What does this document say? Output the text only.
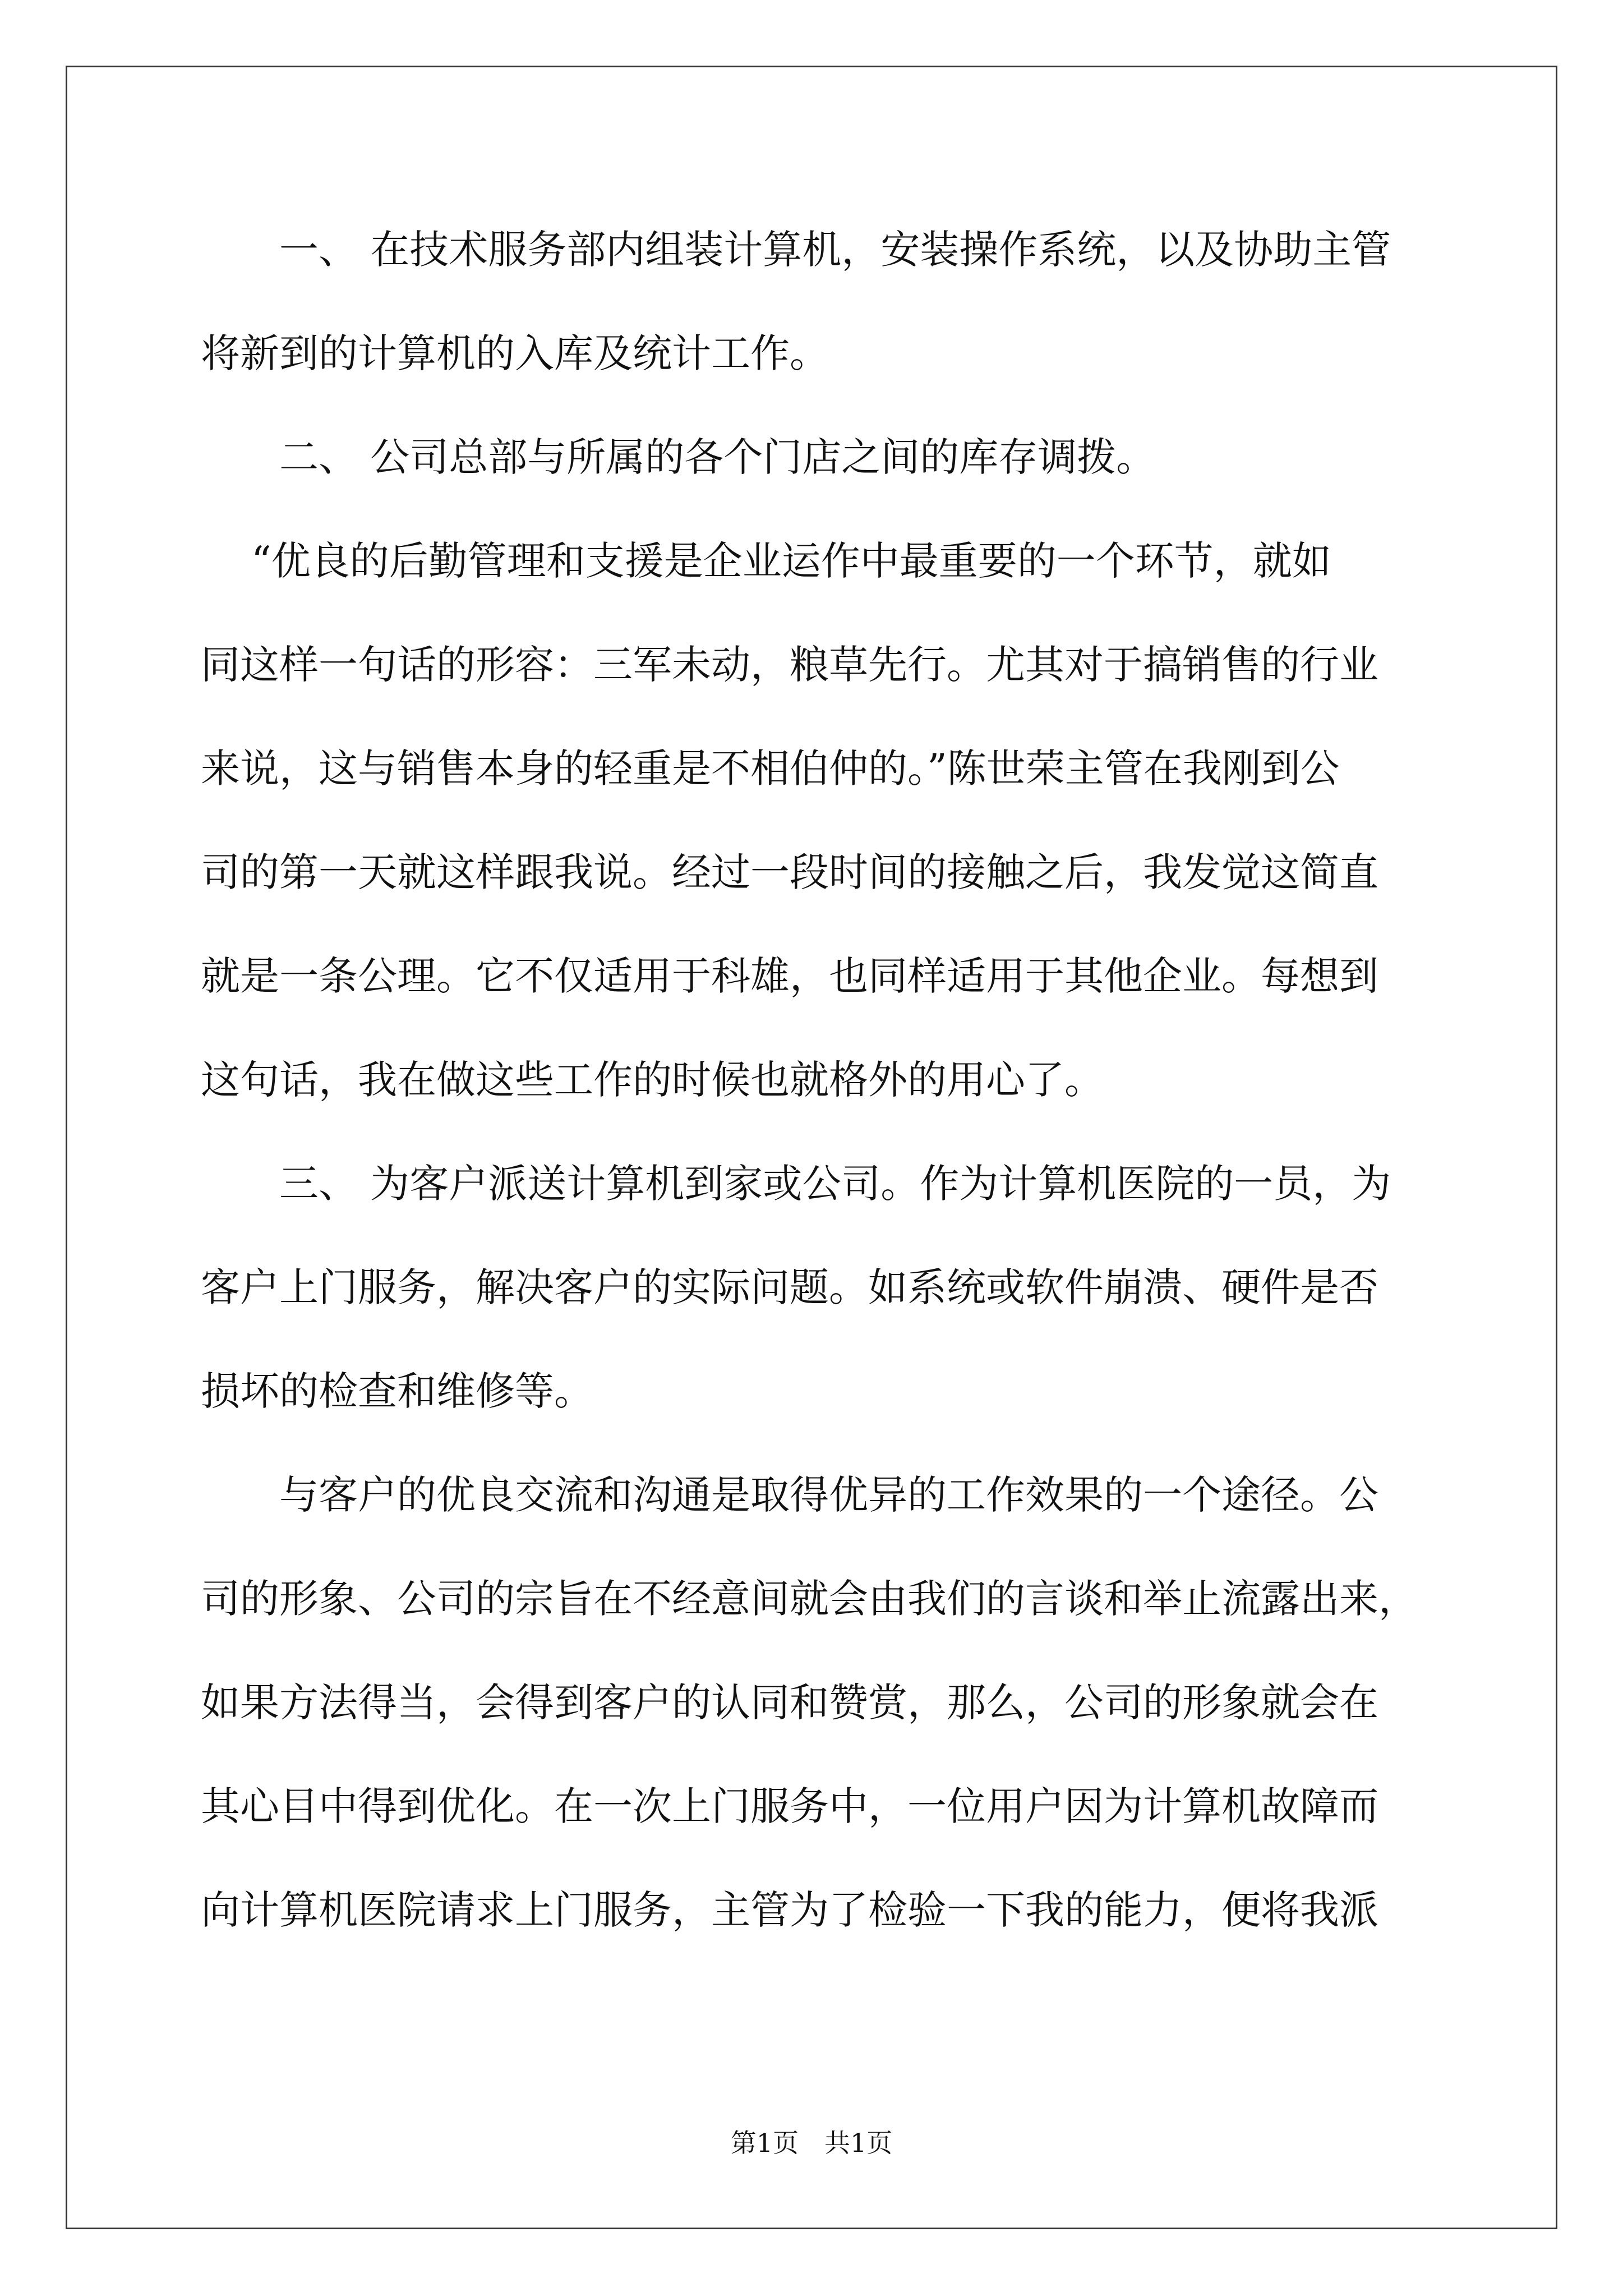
　　一、 在技术服务部内组装计算机，安装操作系统，以及协助主管

将新到的计算机的入库及统计工作。

　　二、 公司总部与所属的各个门店之间的库存调拨。

“优良的后勤管理和支援是企业运作中最重要的一个环节，就如

同这样一句话的形容：三军未动，粮草先行。尤其对于搞销售的行业

来说，这与销售本身的轻重是不相伯仲的。”陈世荣主管在我刚到公

司的第一天就这样跟我说。经过一段时间的接触之后，我发觉这简直

就是一条公理。它不仅适用于科雄，也同样适用于其他企业。每想到

这句话，我在做这些工作的时候也就格外的用心了。

　　三、 为客户派送计算机到家或公司。作为计算机医院的一员，为

客户上门服务，解决客户的实际问题。如系统或软件崩溃、硬件是否

损坏的检查和维修等。

　　与客户的优良交流和沟通是取得优异的工作效果的一个途径。公

司的形象、公司的宗旨在不经意间就会由我们的言谈和举止流露出来，

如果方法得当，会得到客户的认同和赞赏，那么，公司的形象就会在

其心目中得到优化。在一次上门服务中，一位用户因为计算机故障而

向计算机医院请求上门服务，主管为了检验一下我的能力，便将我派

第1页 共1页
